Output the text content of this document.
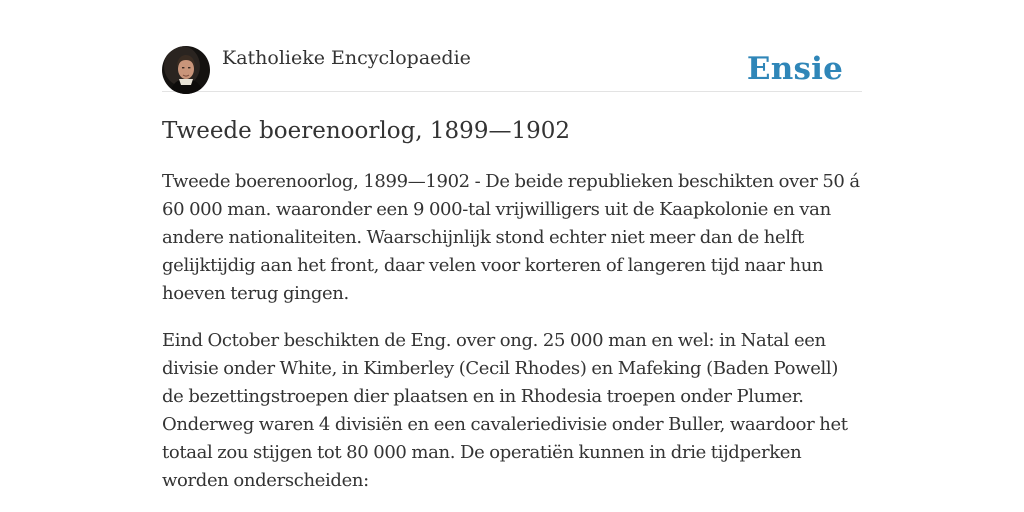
Katholieke Encyclopaedie	Ensie
Tweede boerenoorlog, 1899—1902

Tweede boerenoorlog, 1899—1902 - De beide republieken beschikten over 50 á 60 000 man. waaronder een 9 000-tal vrijwilligers uit de Kaapkolonie en van andere nationaliteiten. Waarschijnlijk stond echter niet meer dan de helft gelijktijdig aan het front, daar velen voor korteren of langeren tijd naar hun hoeven terug gingen.

Eind October beschikten de Eng. over ong. 25 000 man en wel: in Natal een divisie onder White, in Kimberley (Cecil Rhodes) en Mafeking (Baden Powell) de bezettingstroepen dier plaatsen en in Rhodesia troepen onder Plumer. Onderweg waren 4 divisiën en een cavaleriedivisie onder Buller, waardoor het totaal zou stijgen tot 80 000 man. De operatiën kunnen in drie tijdperken worden onderscheiden:
